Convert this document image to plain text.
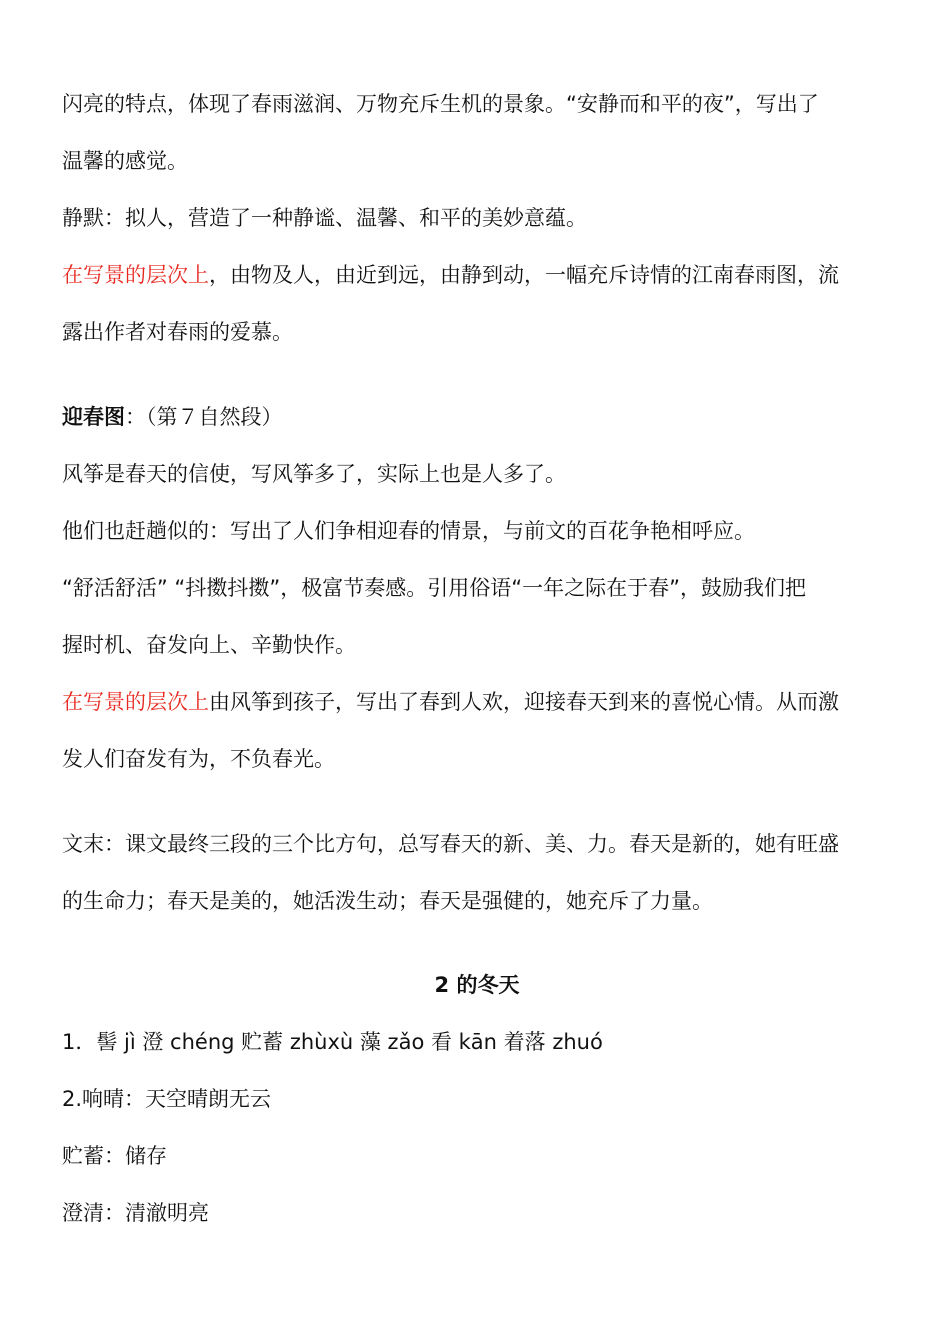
闪亮的特点，体现了春雨滋润、万物充斥生机的景象。“安静而和平的夜”，写出了
温馨的感觉。
静默：拟人，营造了一种静谧、温馨、和平的美妙意蕴。
在写景的层次上，由物及人，由近到远，由静到动，一幅充斥诗情的江南春雨图，流
露出作者对春雨的爱慕。
迎春图：（第７自然段）
风筝是春天的信使，写风筝多了，实际上也是人多了。
他们也赶趟似的：写出了人们争相迎春的情景，与前文的百花争艳相呼应。
“舒活舒活” “抖擞抖擞”，极富节奏感。引用俗语“一年之际在于春”，鼓励我们把
握时机、奋发向上、辛勤快作。
在写景的层次上由风筝到孩子，写出了春到人欢，迎接春天到来的喜悦心情。从而激
发人们奋发有为，不负春光。
文末：课文最终三段的三个比方句，总写春天的新、美、力。春天是新的，她有旺盛
的生命力；春天是美的，她活泼生动；春天是强健的，她充斥了力量。
2 的冬天
1．髻 jì 澄 chéng 贮蓄 zhùxù 藻 zǎo 看 kān 着落 zhuó
2.响晴：天空晴朗无云
贮蓄：储存
澄清：清澈明亮
